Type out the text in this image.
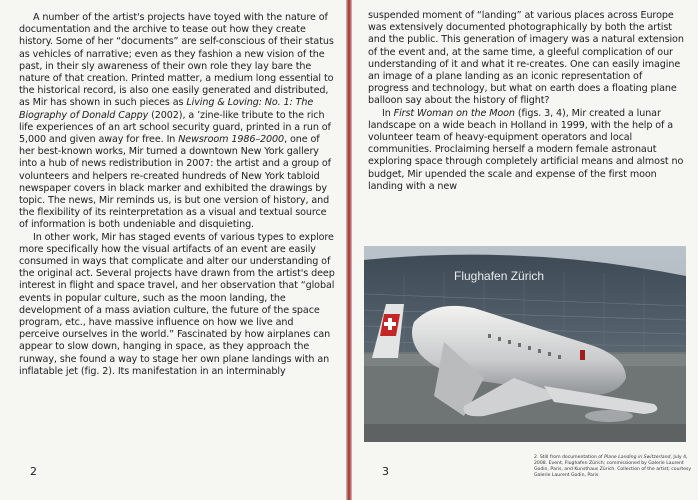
A number of the artist's projects have toyed with the nature of documentation and the archive to tease out how they create history. Some of her “documents” are self-conscious of their status as vehicles of narrative; even as they fashion a new vision of the past, in their sly awareness of their own role they lay bare the nature of that creation. Printed matter, a medium long essential to the historical record, is also one easily generated and distributed, as Mir has shown in such pieces as Living & Loving: No. 1: The Biography of Donald Cappy (2002), a ’zine-like tribute to the rich life experiences of an art school security guard, printed in a run of 5,000 and given away for free. In Newsroom 1986–2000, one of her best-known works, Mir turned a downtown New York gallery into a hub of news redistribution in 2007: the artist and a group of volunteers and helpers re-created hundreds of New York tabloid newspaper covers in black marker and exhibited the drawings by topic. The news, Mir reminds us, is but one version of history, and the flexibility of its reinterpretation as a visual and textual source of information is both undeniable and disquieting.

In other work, Mir has staged events of various types to explore more specifically how the visual artifacts of an event are easily consumed in ways that complicate and alter our understanding of the original act. Several projects have drawn from the artist's deep interest in flight and space travel, and her observation that “global events in popular culture, such as the moon landing, the development of a mass aviation culture, the future of the space program, etc., have massive influence on how we live and perceive ourselves in the world.” Fascinated by how airplanes can appear to slow down, hanging in space, as they approach the runway, she found a way to stage her own plane landings with an inflatable jet (fig. 2). Its manifestation in an interminably

2

suspended moment of “landing” at various places across Europe was extensively documented photographically by both the artist and the public. This generation of imagery was a natural extension of the event and, at the same time, a gleeful complication of our understanding of it and what it re-creates. One can easily imagine an image of a plane landing as an iconic representation of progress and technology, but what on earth does a floating plane balloon say about the history of flight?

In First Woman on the Moon (figs. 3, 4), Mir created a lunar landscape on a wide beach in Holland in 1999, with the help of a volunteer team of heavy-equipment operators and local communities. Proclaiming herself a modern female astronaut exploring space through completely artificial means and almost no budget, Mir upended the scale and expense of the first moon landing with a new

Flughafen Zürich
2. Still from documentation of Plane Landing in Switzerland, July 4, 2008. Event, Flughafen Zürich; commissioned by Galerie Laurent Godin, Paris, and Kunsthaus Zürich. Collection of the artist; courtesy Galerie Laurent Godin, Paris
3
